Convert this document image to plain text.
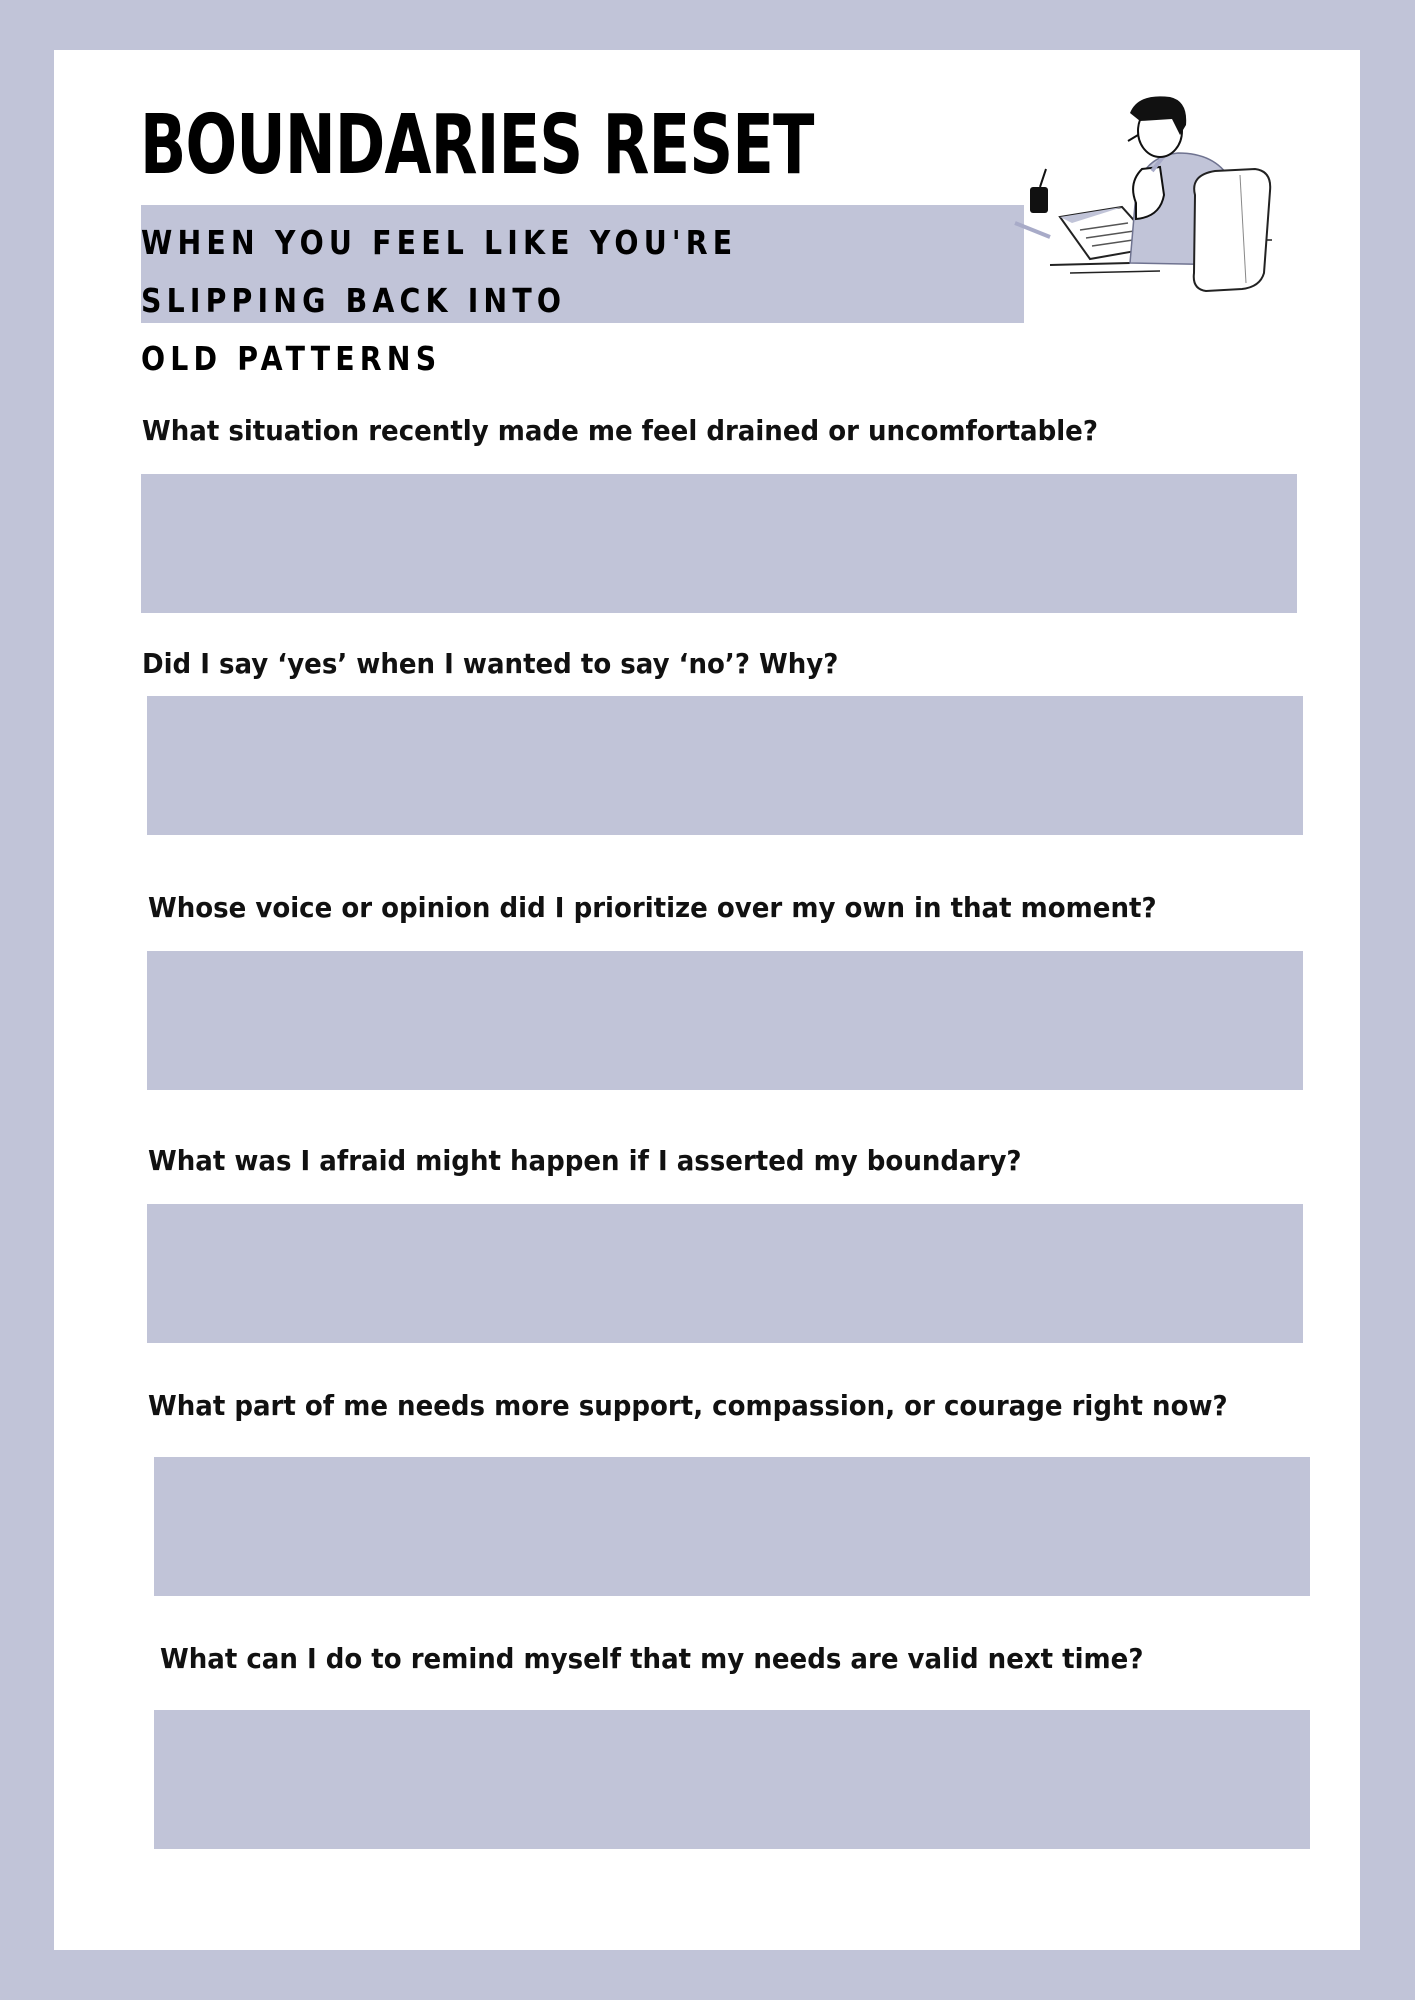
BOUNDARIES RESET

WHEN YOU FEEL LIKE YOU'RE SLIPPING BACK INTO
OLD PATTERNS

What situation recently made me feel drained or uncomfortable?

Did I say ‘yes’ when I wanted to say ‘no’? Why?

Whose voice or opinion did I prioritize over my own in that moment?

What was I afraid might happen if I asserted my boundary?

What part of me needs more support, compassion, or courage right now?

What can I do to remind myself that my needs are valid next time?
